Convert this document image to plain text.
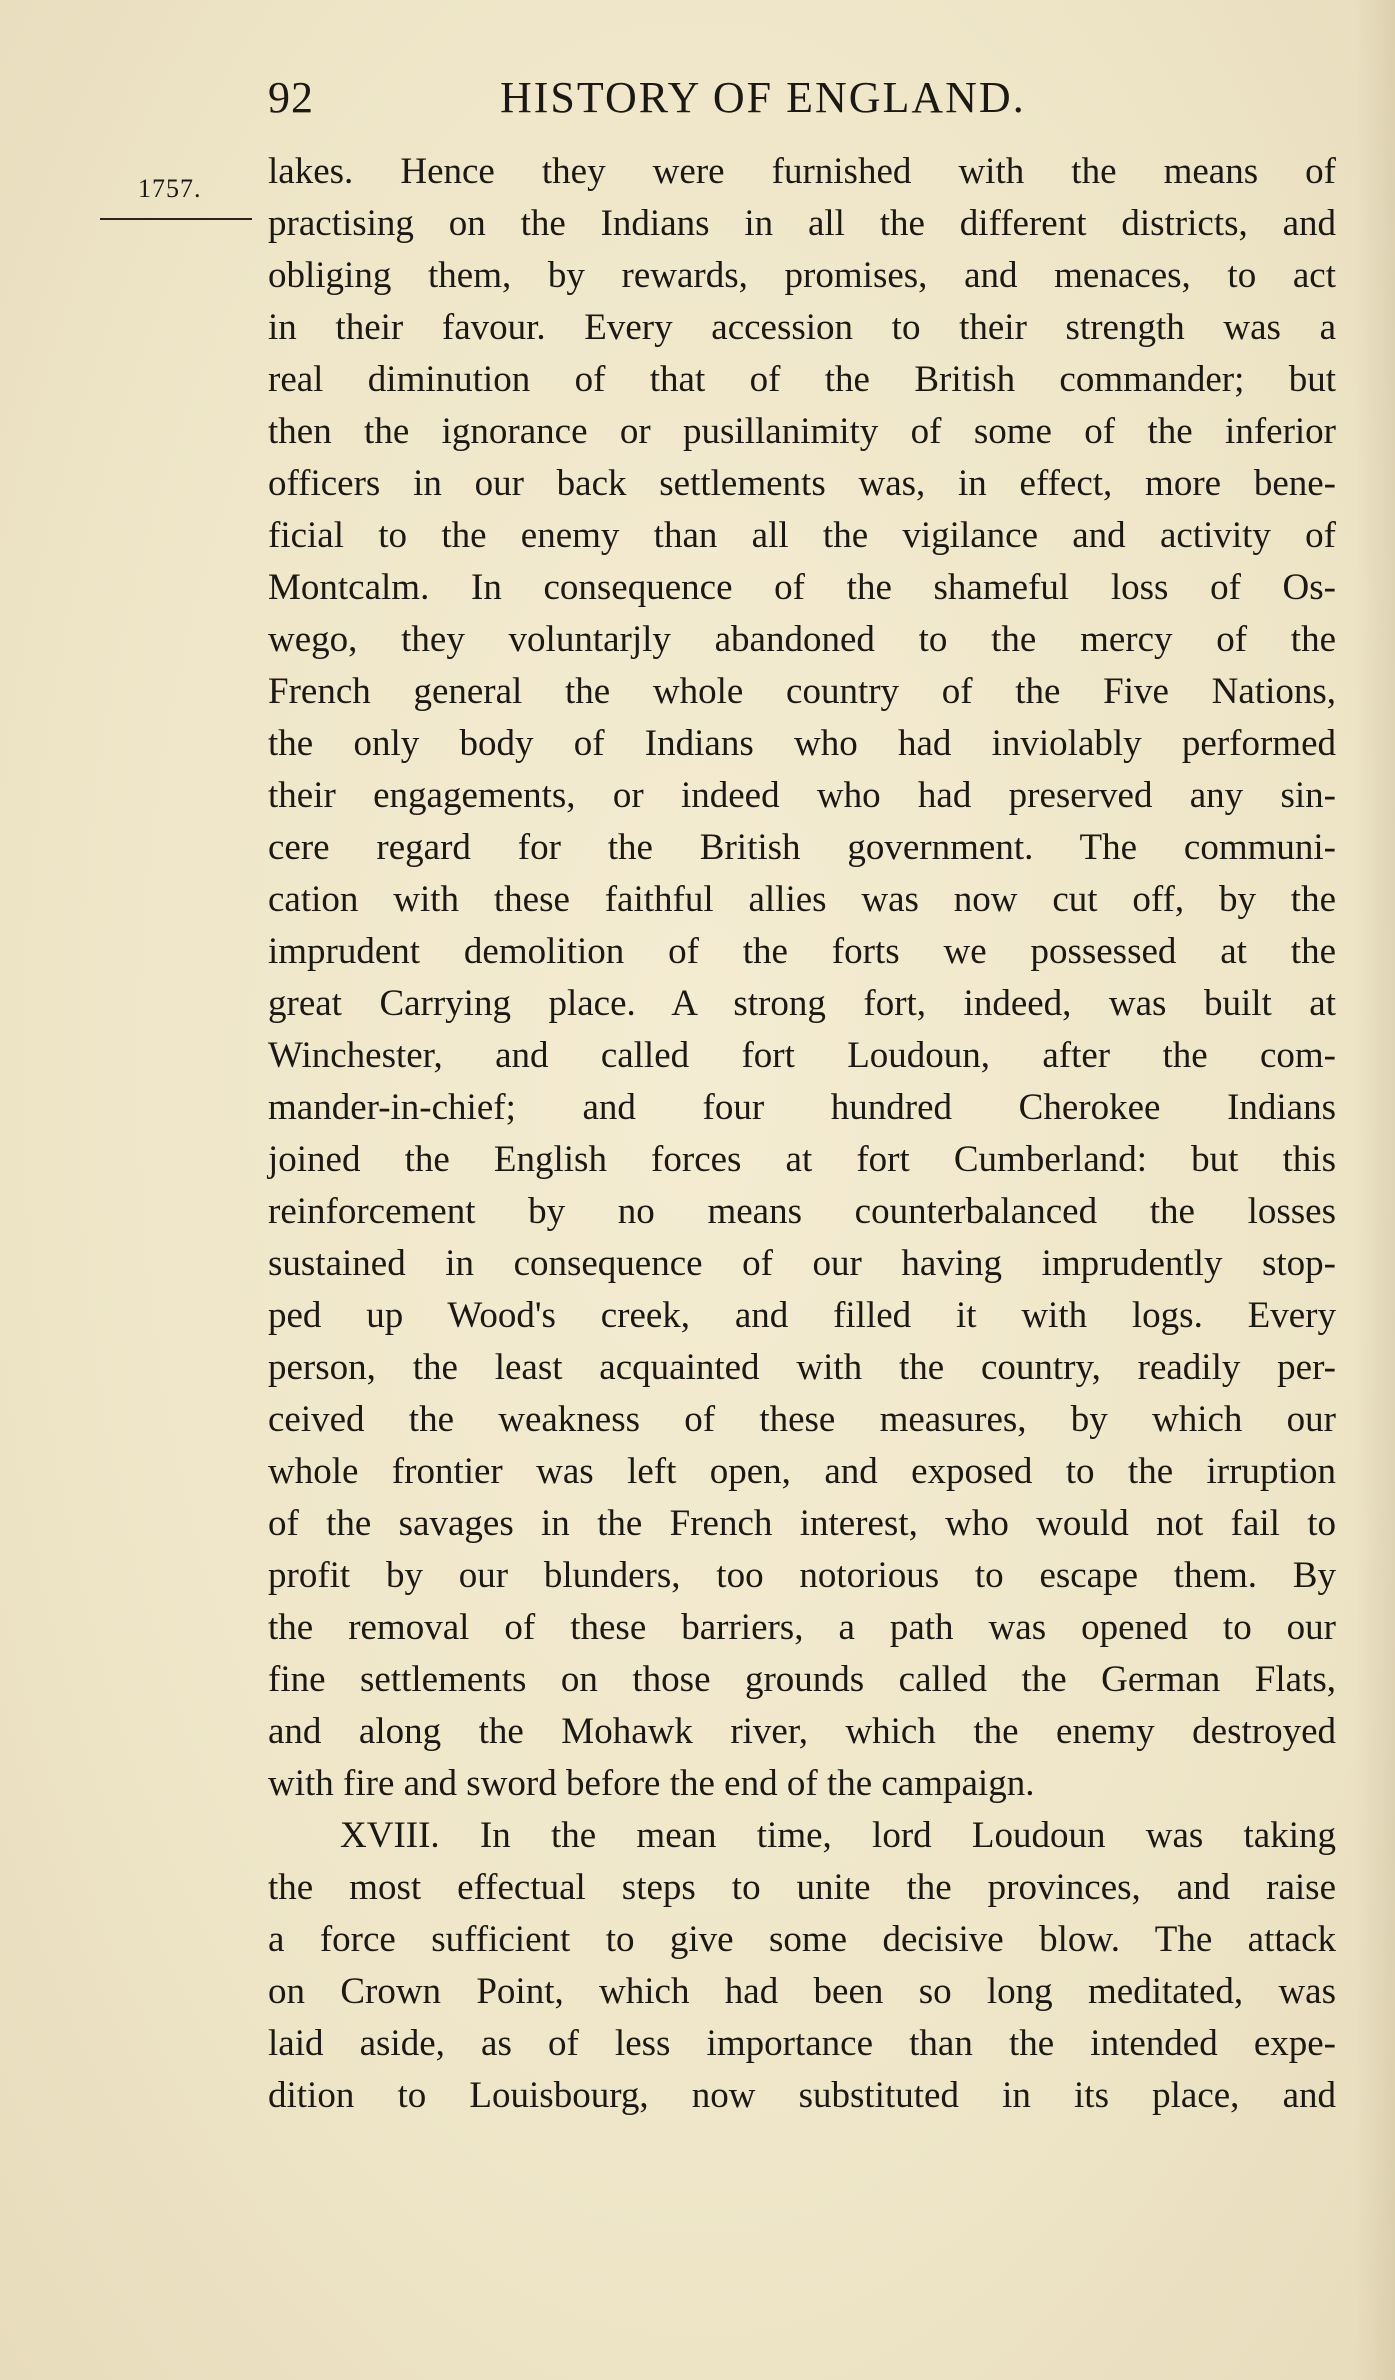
92	HISTORY OF ENGLAND.
1757. lakes. Hence they were furnished with the means of
practising on the Indians in all the different districts, and
obliging them, by rewards, promises, and menaces, to act
in their favour. Every accession to their strength was a
real diminution of that of the British commander; but
then the ignorance or pusillanimity of some of the inferior
officers in our back settlements was, in effect, more bene-
ficial to the enemy than all the vigilance and activity of
Montcalm. In consequence of the shameful loss of Os-
wego, they voluntarjly abandoned to the mercy of the
French general the whole country of the Five Nations,
the only body of Indians who had inviolably performed
their engagements, or indeed who had preserved any sin-
cere regard for the British government. The communi-
cation with these faithful allies was now cut off, by the
imprudent demolition of the forts we possessed at the
great Carrying place. A strong fort, indeed, was built at
Winchester, and called fort Loudoun, after the com-
mander-in-chief; and four hundred Cherokee Indians
joined the English forces at fort Cumberland: but this
reinforcement by no means counterbalanced the losses
sustained in consequence of our having imprudently stop-
ped up Wood's creek, and filled it with logs. Every
person, the least acquainted with the country, readily per-
ceived the weakness of these measures, by which our
whole frontier was left open, and exposed to the irruption
of the savages in the French interest, who would not fail to
profit by our blunders, too notorious to escape them. By
the removal of these barriers, a path was opened to our
fine settlements on those grounds called the German Flats,
and along the Mohawk river, which the enemy destroyed
with fire and sword before the end of the campaign.
XVIII. In the mean time, lord Loudoun was taking
the most effectual steps to unite the provinces, and raise
a force sufficient to give some decisive blow. The attack
on Crown Point, which had been so long meditated, was
laid aside, as of less importance than the intended expe-
dition to Louisbourg, now substituted in its place, and
